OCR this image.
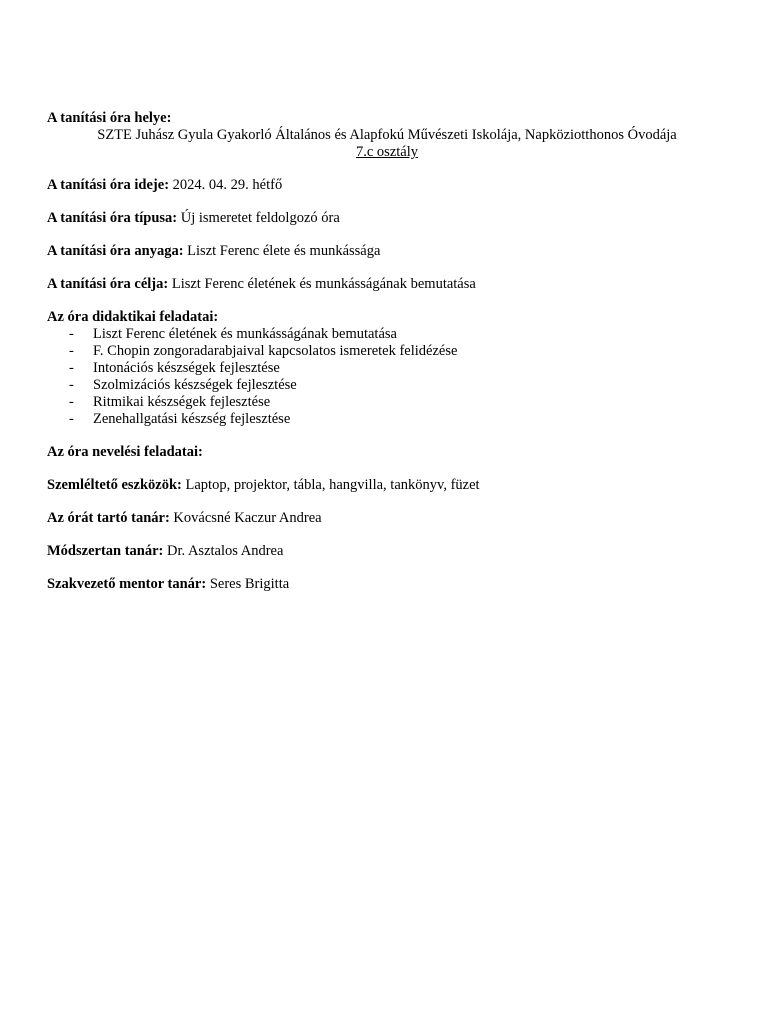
A tanítási óra helye:

SZTE Juhász Gyula Gyakorló Általános és Alapfokú Művészeti Iskolája, Napköziotthonos Óvodája

7.c osztály

A tanítási óra ideje: 2024. 04. 29. hétfő

A tanítási óra típusa: Új ismeretet feldolgozó óra

A tanítási óra anyaga: Liszt Ferenc élete és munkássága

A tanítási óra célja: Liszt Ferenc életének és munkásságának bemutatása

Az óra didaktikai feladatai:

- Liszt Ferenc életének és munkásságának bemutatása
- F. Chopin zongoradarabjaival kapcsolatos ismeretek felidézése
- Intonációs készségek fejlesztése
- Szolmizációs készségek fejlesztése
- Ritmikai készségek fejlesztése
- Zenehallgatási készség fejlesztése

Az óra nevelési feladatai:

Szemléltető eszközök: Laptop, projektor, tábla, hangvilla, tankönyv, füzet

Az órát tartó tanár: Kovácsné Kaczur Andrea

Módszertan tanár: Dr. Asztalos Andrea

Szakvezető mentor tanár: Seres Brigitta
